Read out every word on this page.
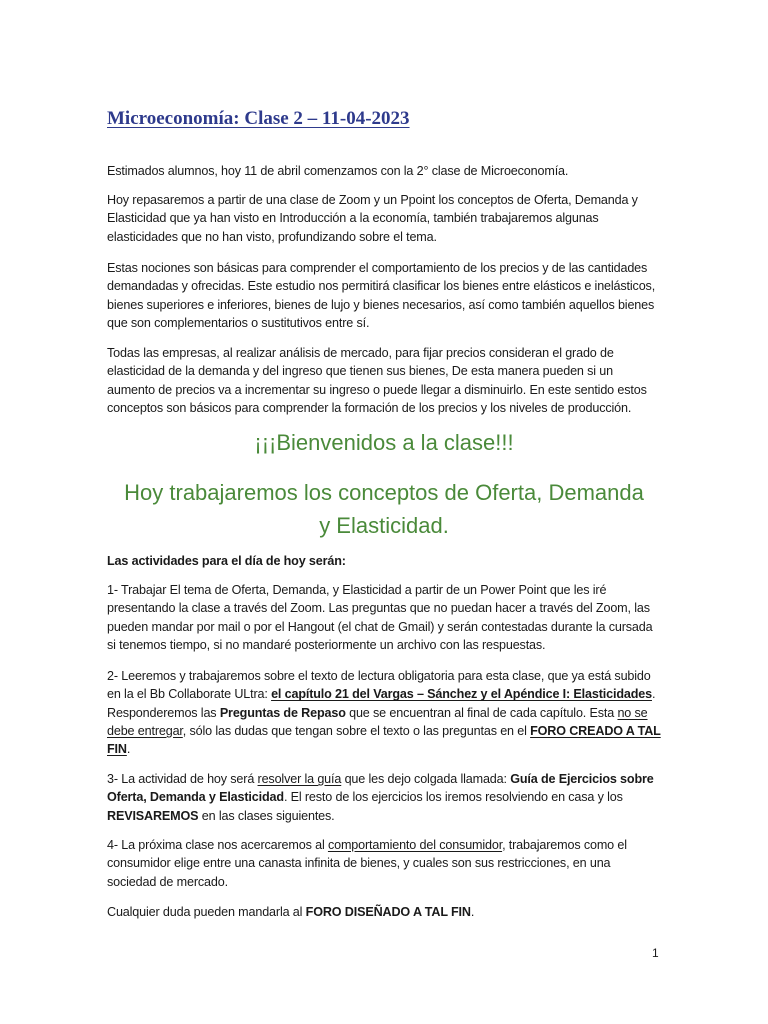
Microeconomía: Clase 2 – 11-04-2023

Estimados alumnos, hoy 11 de abril comenzamos con la 2° clase de Microeconomía.

Hoy repasaremos a partir de una clase de Zoom y un Ppoint los conceptos de Oferta, Demanda y Elasticidad que ya han visto en Introducción a la economía, también trabajaremos algunas elasticidades que no han visto, profundizando sobre el tema.

Estas nociones son básicas para comprender el comportamiento de los precios y de las cantidades demandadas y ofrecidas. Este estudio nos permitirá clasificar los bienes entre elásticos e inelásticos, bienes superiores e inferiores, bienes de lujo y bienes necesarios, así como también aquellos bienes que son complementarios o sustitutivos entre sí.

Todas las empresas, al realizar análisis de mercado, para fijar precios consideran el grado de elasticidad de la demanda y del ingreso que tienen sus bienes, De esta manera pueden si un aumento de precios va a incrementar su ingreso o puede llegar a disminuirlo. En este sentido estos conceptos son básicos para comprender la formación de los precios y los niveles de producción.

¡¡¡Bienvenidos a la clase!!!

Hoy trabajaremos los conceptos de Oferta, Demanda
y Elasticidad.

Las actividades para el día de hoy serán:

1- Trabajar El tema de Oferta, Demanda, y Elasticidad a partir de un Power Point que les iré presentando la clase a través del Zoom. Las preguntas que no puedan hacer a través del Zoom, las pueden mandar por mail o por el Hangout (el chat de Gmail) y serán contestadas durante la cursada si tenemos tiempo, si no mandaré posteriormente un archivo con las respuestas.

2- Leeremos y trabajaremos sobre el texto de lectura obligatoria para esta clase, que ya está subido en la el Bb Collaborate ULtra: el capítulo 21 del Vargas – Sánchez y el Apéndice I: Elasticidades. Responderemos las Preguntas de Repaso que se encuentran al final de cada capítulo. Esta no se debe entregar, sólo las dudas que tengan sobre el texto o las preguntas en el FORO CREADO A TAL FIN.

3- La actividad de hoy será resolver la guía que les dejo colgada llamada: Guía de Ejercicios sobre Oferta, Demanda y Elasticidad. El resto de los ejercicios los iremos resolviendo en casa y los REVISAREMOS en las clases siguientes.

4- La próxima clase nos acercaremos al comportamiento del consumidor, trabajaremos como el consumidor elige entre una canasta infinita de bienes, y cuales son sus restricciones, en una sociedad de mercado.

Cualquier duda pueden mandarla al FORO DISEÑADO A TAL FIN.

1
